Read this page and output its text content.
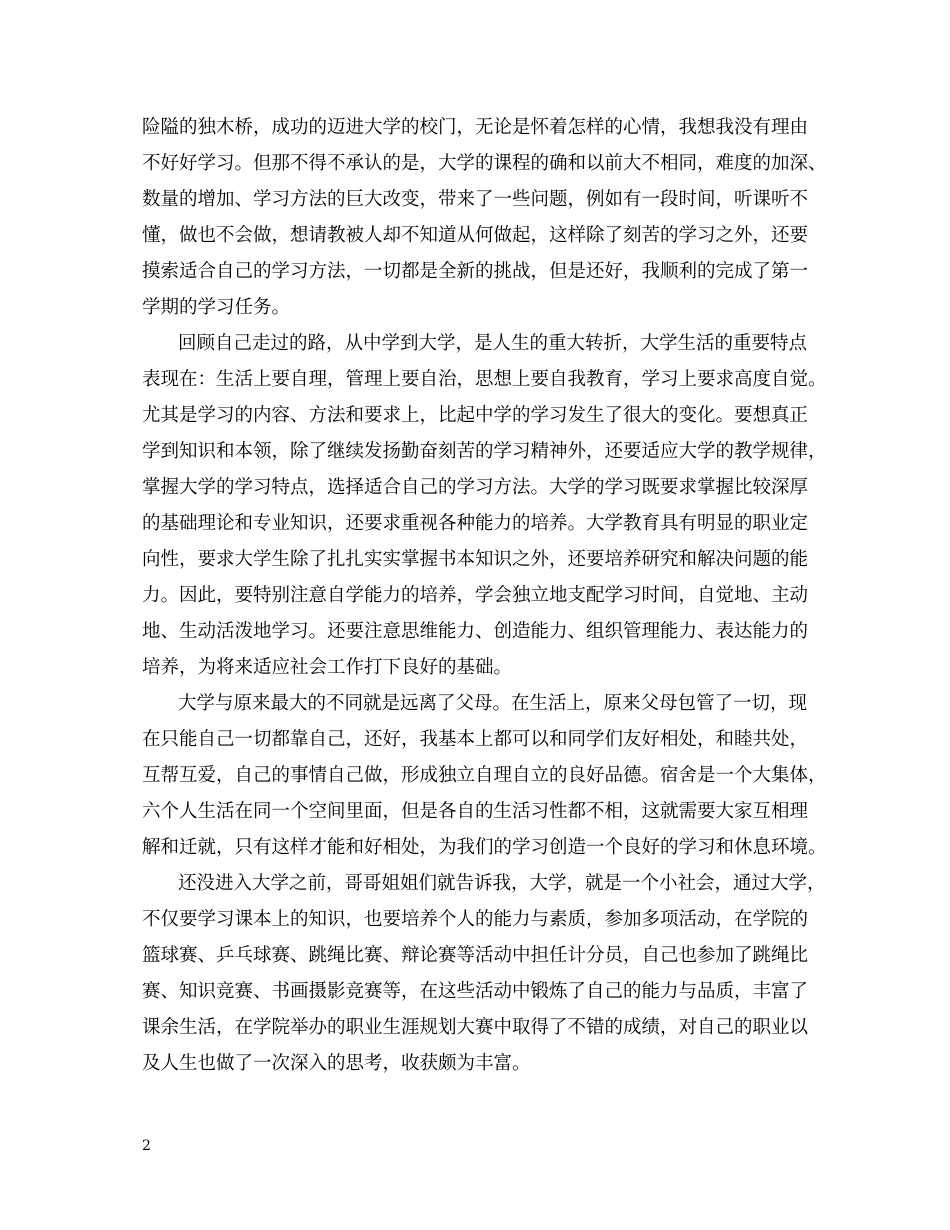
险隘的独木桥，成功的迈进大学的校门，无论是怀着怎样的心情，我想我没有理由
不好好学习。但那不得不承认的是，大学的课程的确和以前大不相同，难度的加深、
数量的增加、学习方法的巨大改变，带来了一些问题，例如有一段时间，听课听不
懂，做也不会做，想请教被人却不知道从何做起，这样除了刻苦的学习之外，还要
摸索适合自己的学习方法，一切都是全新的挑战，但是还好，我顺利的完成了第一
学期的学习任务。
回顾自己走过的路，从中学到大学，是人生的重大转折，大学生活的重要特点
表现在：生活上要自理，管理上要自治，思想上要自我教育，学习上要求高度自觉。
尤其是学习的内容、方法和要求上，比起中学的学习发生了很大的变化。要想真正
学到知识和本领，除了继续发扬勤奋刻苦的学习精神外，还要适应大学的教学规律，
掌握大学的学习特点，选择适合自己的学习方法。大学的学习既要求掌握比较深厚
的基础理论和专业知识，还要求重视各种能力的培养。大学教育具有明显的职业定
向性，要求大学生除了扎扎实实掌握书本知识之外，还要培养研究和解决问题的能
力。因此，要特别注意自学能力的培养，学会独立地支配学习时间，自觉地、主动
地、生动活泼地学习。还要注意思维能力、创造能力、组织管理能力、表达能力的
培养，为将来适应社会工作打下良好的基础。
大学与原来最大的不同就是远离了父母。在生活上，原来父母包管了一切，现
在只能自己一切都靠自己，还好，我基本上都可以和同学们友好相处，和睦共处，
互帮互爱，自己的事情自己做，形成独立自理自立的良好品德。宿舍是一个大集体，
六个人生活在同一个空间里面，但是各自的生活习性都不相，这就需要大家互相理
解和迁就，只有这样才能和好相处，为我们的学习创造一个良好的学习和休息环境。
还没进入大学之前，哥哥姐姐们就告诉我，大学，就是一个小社会，通过大学，
不仅要学习课本上的知识，也要培养个人的能力与素质，参加多项活动，在学院的
篮球赛、乒乓球赛、跳绳比赛、辩论赛等活动中担任计分员，自己也参加了跳绳比
赛、知识竞赛、书画摄影竞赛等，在这些活动中锻炼了自己的能力与品质，丰富了
课余生活，在学院举办的职业生涯规划大赛中取得了不错的成绩，对自己的职业以
及人生也做了一次深入的思考，收获颇为丰富。
2
